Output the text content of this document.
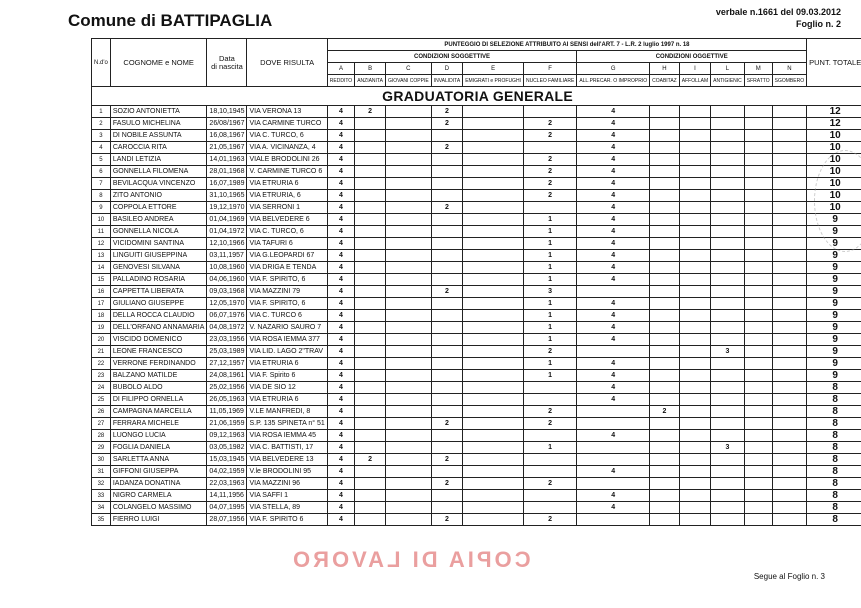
Comune di BATTIPAGLIA	verbale n.1661 del 09.03.2012
Foglio n. 2
N.d'o	COGNOME e NOME	Data
di nascita	DOVE RISULTA	PUNTEGGIO DI SELEZIONE ATTRIBUITO AI SENSI dell'ART. 7 - L.R. 2 luglio 1997 n. 18												PUNT. TOTALE
				CONDIZIONI SOGGETTIVE						CONDIZIONI OGGETTIVE						
				A	B	C	D	E	F	G	H	I	L	M	N	
				REDDITO	ANZIANITA	GIOVANI COPPIE	INVALIDITA	EMIGRATI e PROFUGHI	NUCLEO FAMILIARE	ALL.PRECAR. O IMPROPRIO	COABITAZ	AFFOLLAM	ANTIGIENIC	SFRATTO	SGOMBERO	
GRADUATORIA GENERALE																
1	SOZIO ANTONIETTA	18,10,1945	VIA VERONA 13	4	2		2			4						12
2	FASULO MICHELINA	26/08/1967	VIA CARMINE TURCO	4			2		2	4						12
3	DI NOBILE ASSUNTA	16,08,1967	VIA C. TURCO, 6	4					2	4						10
4	CAROCCIA RITA	21,05,1967	VIA A. VICINANZA, 4	4			2			4						10
5	LANDI LETIZIA	14,01,1963	VIALE BRODOLINI 26	4					2	4						10
6	GONNELLA FILOMENA	28,01,1968	V. CARMINE TURCO 6	4					2	4						10
7	BEVILACQUA VINCENZO	16,07,1989	VIA ETRURIA 6	4					2	4						10
8	ZITO ANTONIO	31,10,1965	VIA ETRURIA, 6	4					2	4						10
9	COPPOLA ETTORE	19,12,1970	VIA SERRONI 1	4			2			4						10
10	BASILEO ANDREA	01,04,1969	VIA BELVEDERE 6	4					1	4						9
11	GONNELLA NICOLA	01,04,1972	VIA C. TURCO, 6	4					1	4						9
12	VICIDOMINI SANTINA	12,10,1966	VIA TAFURI 6	4					1	4						9
13	LINGUITI GIUSEPPINA	03,11,1957	VIA G.LEOPARDI 67	4					1	4						9
14	GENOVESI SILVANA	10,08,1960	VIA DRIGA E TENDA	4					1	4						9
15	PALLADINO ROSARIA	04,06,1960	VIA F. SPIRITO, 6	4					1	4						9
16	CAPPETTA LIBERATA	09,03,1968	VIA MAZZINI 79	4			2		3							9
17	GIULIANO GIUSEPPE	12,05,1970	VIA F. SPIRITO, 6	4					1	4						9
18	DELLA ROCCA CLAUDIO	06,07,1976	VIA C. TURCO 6	4					1	4						9
19	DELL'ORFANO ANNAMARIA	04,08,1972	V. NAZARIO SAURO 7	4					1	4						9
20	VISCIDO DOMENICO	23,03,1956	VIA ROSA IEMMA 377	4					1	4						9
21	LEONE FRANCESCO	25,03,1989	VIA LID. LAGO 2"TRAV	4					2				3			9
22	VERRONE FERDINANDO	27,12,1957	VIA ETRURIA 6	4					1	4						9
23	BALZANO MATILDE	24,08,1961	VIA F. Spirito 6	4					1	4						9
24	BUBOLO ALDO	25,02,1956	VIA DE SIO 12	4						4						8
25	DI FILIPPO ORNELLA	26,05,1963	VIA ETRURIA 6	4						4						8
26	CAMPAGNA MARCELLA	11,05,1969	V.LE MANFREDI, 8	4					2		2					8
27	FERRARA MICHELE	21,06,1959	S.P. 135 SPINETA n° 51	4			2		2							8
28	LUONGO LUCIA	09,12,1963	VIA ROSA IEMMA 45	4						4						8
29	FOGLIA DANIELA	03,05,1982	VIA C. BATTISTI, 17	4					1				3			8
30	SARLETTA ANNA	15,03,1945	VIA BELVEDERE 13	4	2		2									8
31	GIFFONI GIUSEPPA	04,02,1959	V.le BRODOLINI 95	4						4						8
32	IADANZA DONATINA	22,03,1963	VIA MAZZINI 96	4			2		2							8
33	NIGRO CARMELA	14,11,1956	VIA SAFFI 1	4						4						8
34	COLANGELO MASSIMO	04,07,1995	VIA STELLA, 89	4						4						8
35	FIERRO LUIGI	28,07,1956	VIA F. SPIRITO 6	4			2		2							8
COPIA DI LAVORO
Segue al Foglio n. 3
